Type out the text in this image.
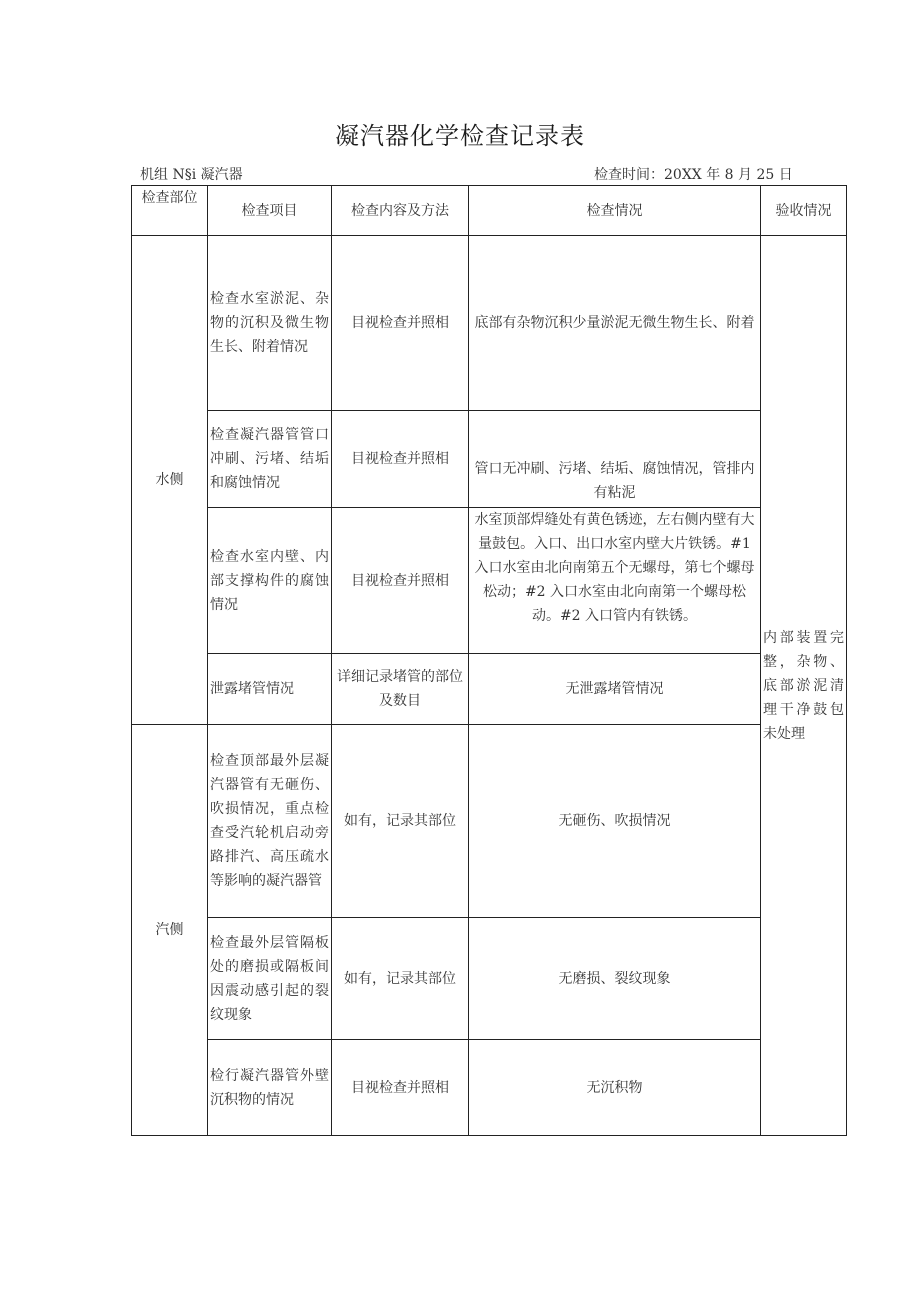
凝汽器化学检查记录表
机组 N§i 凝汽器	检查时间：20XX 年 8 月 25 日
检查部位	检查项目	检查内容及方法	检查情况	验收情况
水侧	检查水室淤泥、杂物的沉积及微生物生长、附着情况	目视检查并照相	底部有杂物沉积少量淤泥无微生物生长、附着	内部装置完整，杂物、底部淤泥清理干净鼓包未处理
	检查凝汽器管管口冲刷、污堵、结垢和腐蚀情况	目视检查并照相	管口无冲刷、污堵、结垢、腐蚀情况，管排内有粘泥	
	检查水室内壁、内部支撑构件的腐蚀情况	目视检查并照相	水室顶部焊缝处有黄色锈迹，左右侧内壁有大量鼓包。入口、出口水室内壁大片铁锈。#1 入口水室由北向南第五个无螺母，第七个螺母松动；#2 入口水室由北向南第一个螺母松动。#2 入口管内有铁锈。	
	泄露堵管情况	详细记录堵管的部位及数目	无泄露堵管情况	
汽侧	检查顶部最外层凝汽器管有无砸伤、吹损情况，重点检查受汽轮机启动旁路排汽、高压疏水等影响的凝汽器管	如有，记录其部位	无砸伤、吹损情况	
	检查最外层管隔板处的磨损或隔板间因震动感引起的裂纹现象	如有，记录其部位	无磨损、裂纹现象	
	检行凝汽器管外壁沉积物的情况	目视检查并照相	无沉积物	
